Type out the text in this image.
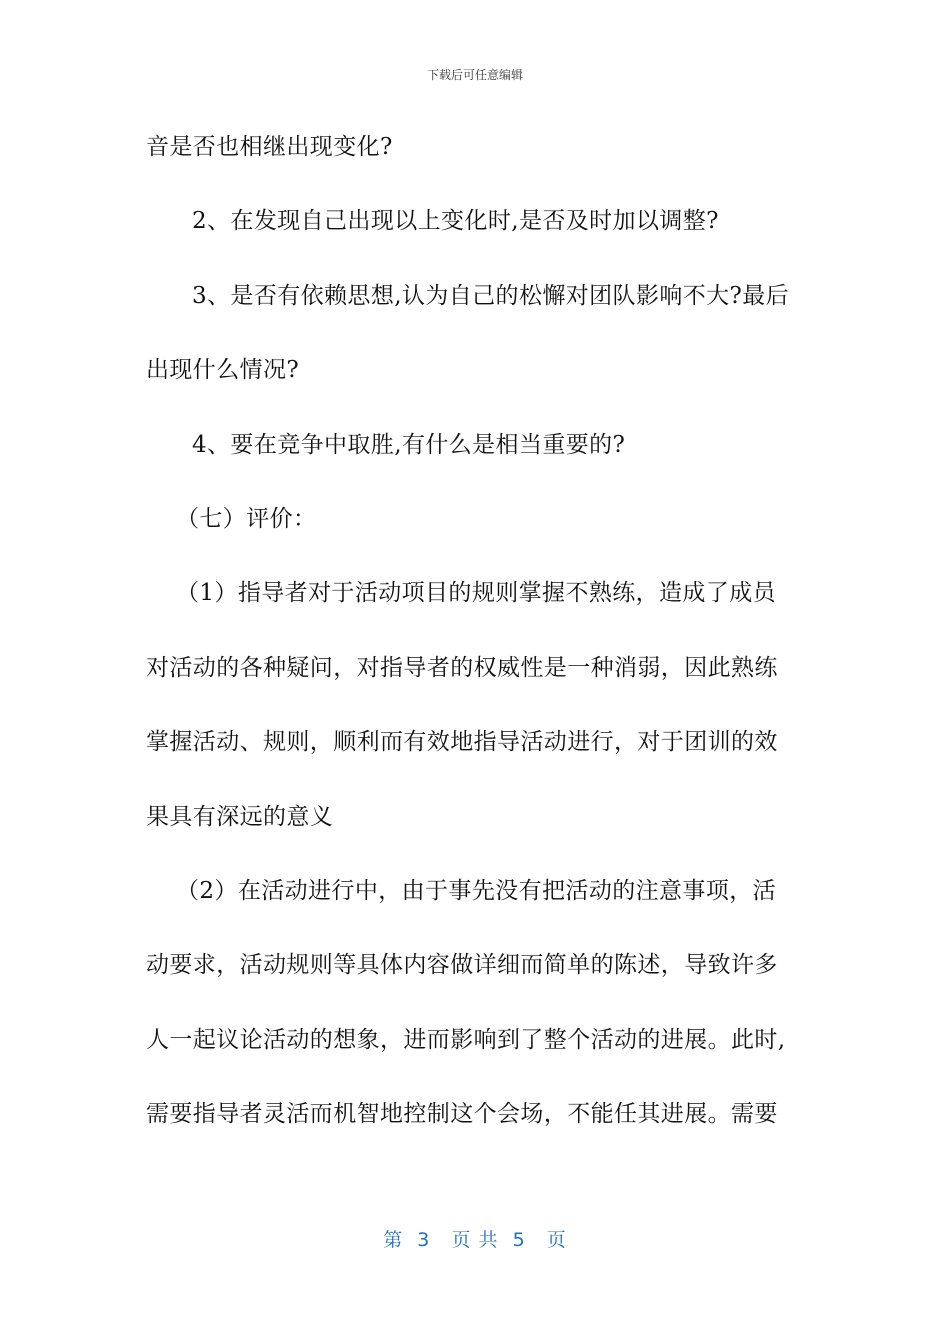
下载后可任意编辑
音是否也相继出现变化?
2、在发现自己出现以上变化时,是否及时加以调整?
3、是否有依赖思想,认为自己的松懈对团队影响不大?最后
出现什么情况?
4、要在竞争中取胜,有什么是相当重要的?
（七）评价：
（1）指导者对于活动项目的规则掌握不熟练，造成了成员
对活动的各种疑问，对指导者的权威性是一种消弱，因此熟练
掌握活动、规则，顺利而有效地指导活动进行，对于团训的效
果具有深远的意义
（2）在活动进行中，由于事先没有把活动的注意事项，活
动要求，活动规则等具体内容做详细而简单的陈述，导致许多
人一起议论活动的想象，进而影响到了整个活动的进展。此时,
需要指导者灵活而机智地控制这个会场，不能任其进展。需要
第  3   页 共  5   页
